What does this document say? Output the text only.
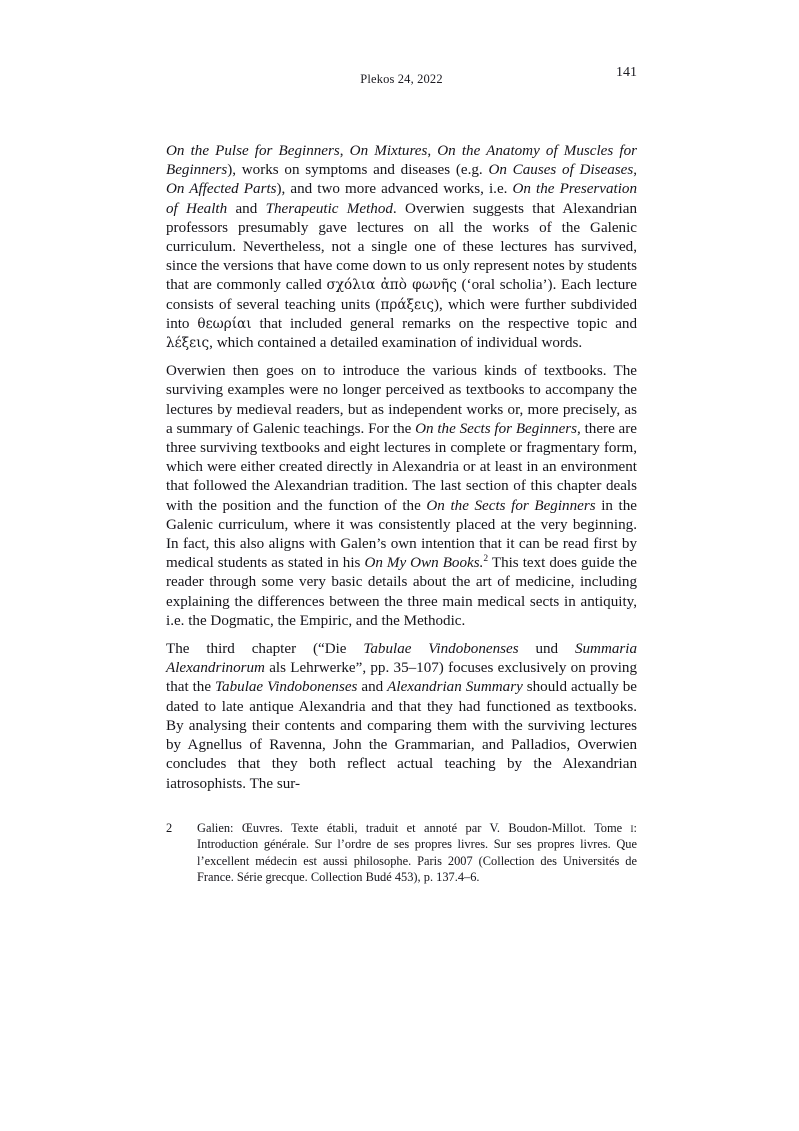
Plekos 24, 2022	141

On the Pulse for Beginners, On Mixtures, On the Anatomy of Muscles for Beginners), works on symptoms and diseases (e.g. On Causes of Diseases, On Affected Parts), and two more advanced works, i.e. On the Preservation of Health and Therapeutic Method. Overwien suggests that Alexandrian professors presumably gave lectures on all the works of the Galenic curriculum. Nevertheless, not a single one of these lectures has survived, since the versions that have come down to us only represent notes by students that are commonly called σχόλια ἀπὸ φωνῆς (‘oral scholia’). Each lecture consists of several teaching units (πράξεις), which were further subdivided into θεωρίαι that included general remarks on the respective topic and λέξεις, which contained a detailed examination of individual words.

Overwien then goes on to introduce the various kinds of textbooks. The surviving examples were no longer perceived as textbooks to accompany the lectures by medieval readers, but as independent works or, more precisely, as a summary of Galenic teachings. For the On the Sects for Beginners, there are three surviving textbooks and eight lectures in complete or fragmentary form, which were either created directly in Alexandria or at least in an environment that followed the Alexandrian tradition. The last section of this chapter deals with the position and the function of the On the Sects for Beginners in the Galenic curriculum, where it was consistently placed at the very beginning. In fact, this also aligns with Galen’s own intention that it can be read first by medical students as stated in his On My Own Books.$^2$ This text does guide the reader through some very basic details about the art of medicine, including explaining the differences between the three main medical sects in antiquity, i.e. the Dogmatic, the Empiric, and the Methodic.

The third chapter (“Die Tabulae Vindobonenses und Summaria Alexandrinorum als Lehrwerke”, pp. 35–107) focuses exclusively on proving that the Tabulae Vindobonenses and Alexandrian Summary should actually be dated to late antique Alexandria and that they had functioned as textbooks. By analysing their contents and comparing them with the surviving lectures by Agnellus of Ravenna, John the Grammarian, and Palladios, Overwien concludes that they both reflect actual teaching by the Alexandrian iatrosophists. The sur-

2	Galien: Œuvres. Texte établi, traduit et annoté par V. Boudon-Millot. Tome i: Introduction générale. Sur l’ordre de ses propres livres. Sur ses propres livres. Que l’excellent médecin est aussi philosophe. Paris 2007 (Collection des Universités de France. Série grecque. Collection Budé 453), p. 137.4–6.
